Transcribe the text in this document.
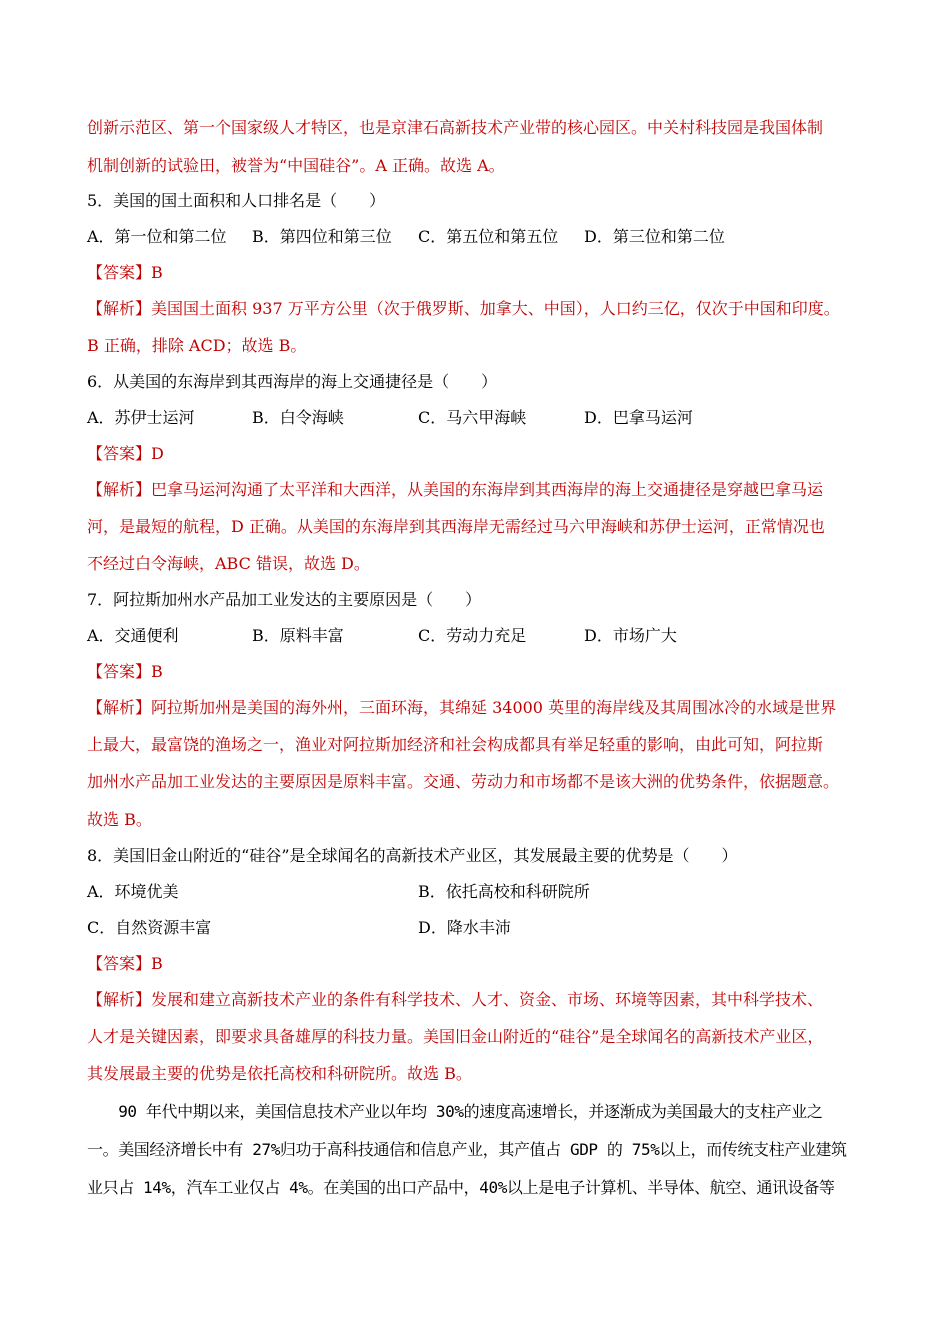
创新示范区、第一个国家级人才特区，也是京津石高新技术产业带的核心园区。中关村科技园是我国体制
机制创新的试验田，被誉为“中国硅谷”。A 正确。故选 A。
5．美国的国土面积和人口排名是（　　）
A．第一位和第二位 B．第四位和第三位 C．第五位和第五位 D．第三位和第二位
【答案】B
【解析】美国国土面积 937 万平方公里（次于俄罗斯、加拿大、中国），人口约三亿，仅次于中国和印度。
B 正确，排除 ACD；故选 B。
6．从美国的东海岸到其西海岸的海上交通捷径是（　　）
A．苏伊士运河	B．白令海峡	C．马六甲海峡	D．巴拿马运河
【答案】D
【解析】巴拿马运河沟通了太平洋和大西洋，从美国的东海岸到其西海岸的海上交通捷径是穿越巴拿马运
河，是最短的航程，D 正确。从美国的东海岸到其西海岸无需经过马六甲海峡和苏伊士运河，正常情况也
不经过白令海峡，ABC 错误，故选 D。
7．阿拉斯加州水产品加工业发达的主要原因是（　　）
A．交通便利	B．原料丰富	C．劳动力充足	D．市场广大
【答案】B
【解析】阿拉斯加州是美国的海外州，三面环海，其绵延 34000 英里的海岸线及其周围冰冷的水域是世界
上最大，最富饶的渔场之一，渔业对阿拉斯加经济和社会构成都具有举足轻重的影响，由此可知，阿拉斯
加州水产品加工业发达的主要原因是原料丰富。交通、劳动力和市场都不是该大洲的优势条件，依据题意。
故选 B。
8．美国旧金山附近的“硅谷”是全球闻名的高新技术产业区，其发展最主要的优势是（　　）
A．环境优美	B．依托高校和科研院所
C．自然资源丰富	D．降水丰沛
【答案】B
【解析】发展和建立高新技术产业的条件有科学技术、人才、资金、市场、环境等因素，其中科学技术、
人才是关键因素，即要求具备雄厚的科技力量。美国旧金山附近的“硅谷”是全球闻名的高新技术产业区，
其发展最主要的优势是依托高校和科研院所。故选 B。
　　90 年代中期以来，美国信息技术产业以年均 30%的速度高速增长，并逐渐成为美国最大的支柱产业之
一。美国经济增长中有 27%归功于高科技通信和信息产业，其产值占 GDP 的 75%以上，而传统支柱产业建筑
业只占 14%，汽车工业仅占 4%。在美国的出口产品中，40%以上是电子计算机、半导体、航空、通讯设备等
